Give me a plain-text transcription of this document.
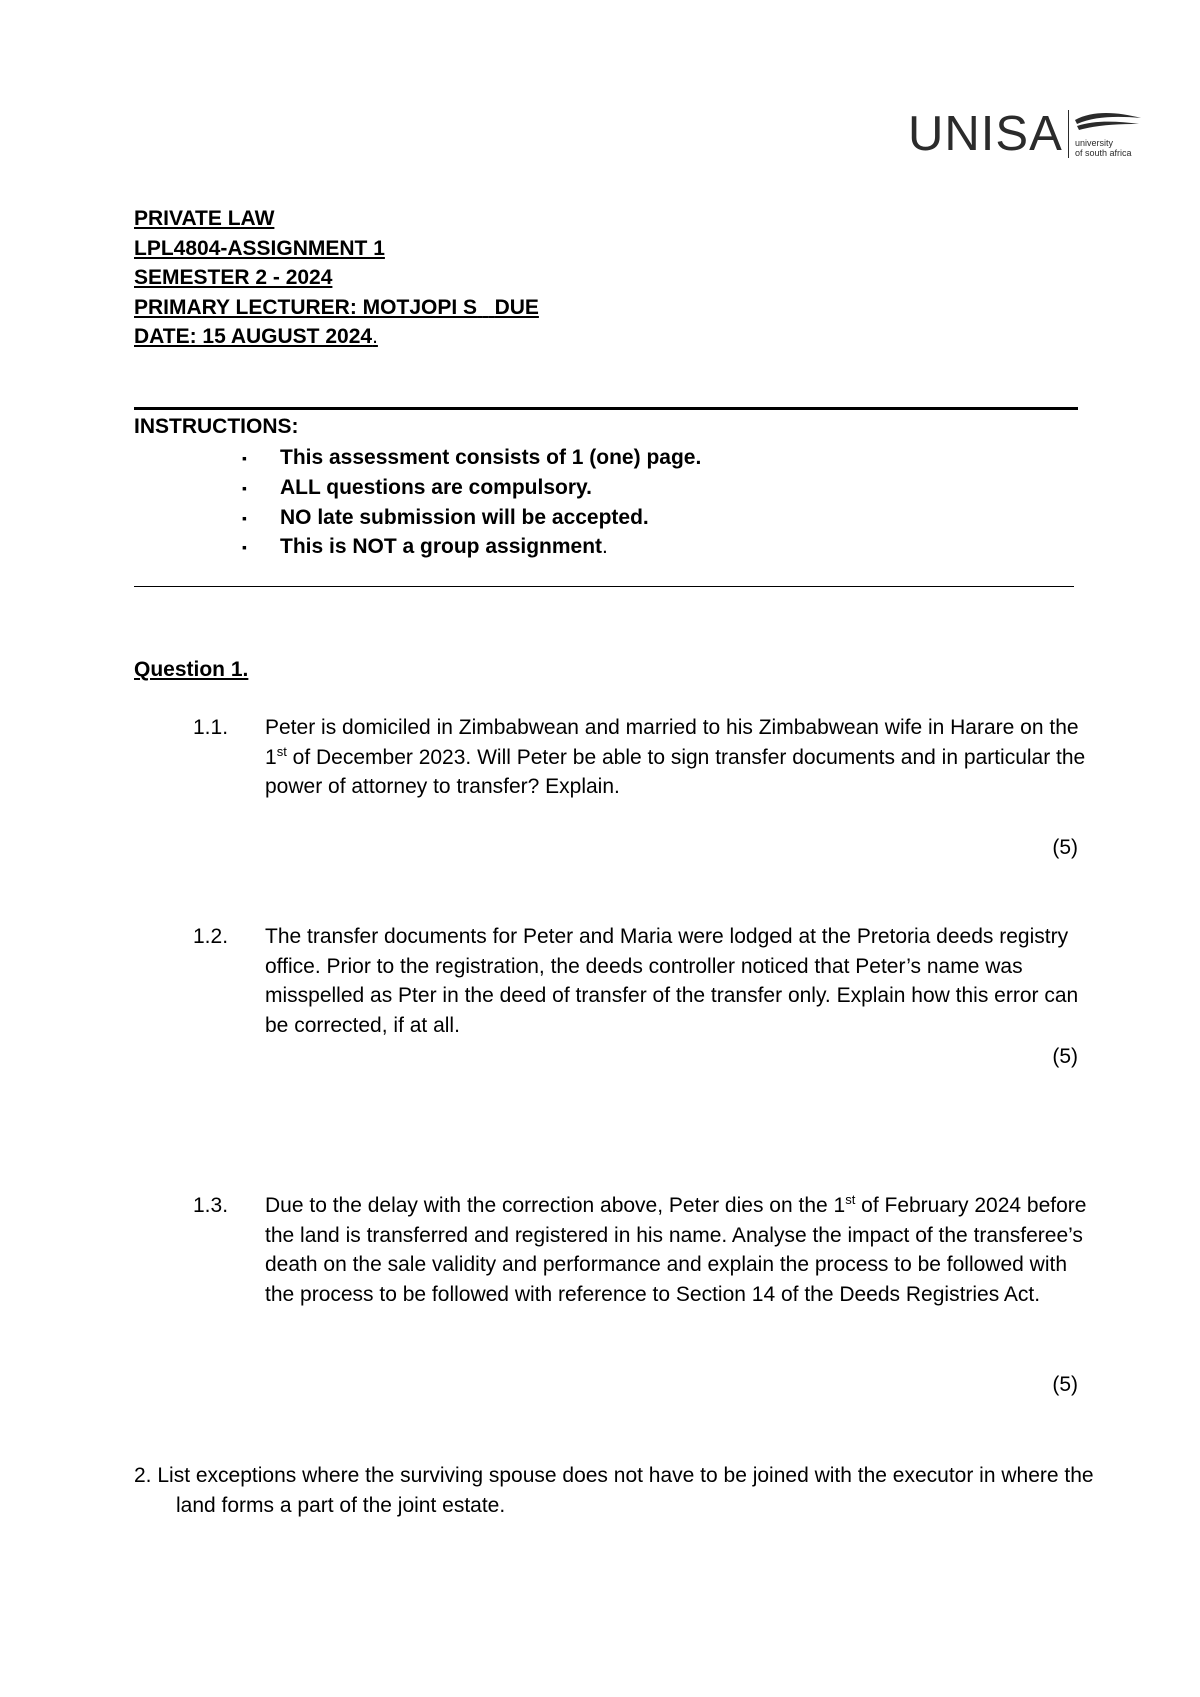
UNISA university
of south africa
PRIVATE LAW
LPL4804-ASSIGNMENT 1
SEMESTER 2 - 2024
PRIMARY LECTURER: MOTJOPI S DUE
DATE: 15 AUGUST 2024.
INSTRUCTIONS:
▪ This assessment consists of 1 (one) page.
▪ ALL questions are compulsory.
▪ NO late submission will be accepted.
▪ This is NOT a group assignment.
Question 1.
1.1. Peter is domiciled in Zimbabwean and married to his Zimbabwean wife in Harare on the 1st of December 2023. Will Peter be able to sign transfer documents and in particular the power of attorney to transfer? Explain.
(5)
1.2. The transfer documents for Peter and Maria were lodged at the Pretoria deeds registry office. Prior to the registration, the deeds controller noticed that Peter’s name was misspelled as Pter in the deed of transfer of the transfer only. Explain how this error can be corrected, if at all.
(5)
1.3. Due to the delay with the correction above, Peter dies on the 1st of February 2024 before the land is transferred and registered in his name. Analyse the impact of the transferee’s death on the sale validity and performance and explain the process to be followed with the process to be followed with reference to Section 14 of the Deeds Registries Act.
(5)
2. List exceptions where the surviving spouse does not have to be joined with the executor in where the land forms a part of the joint estate.
